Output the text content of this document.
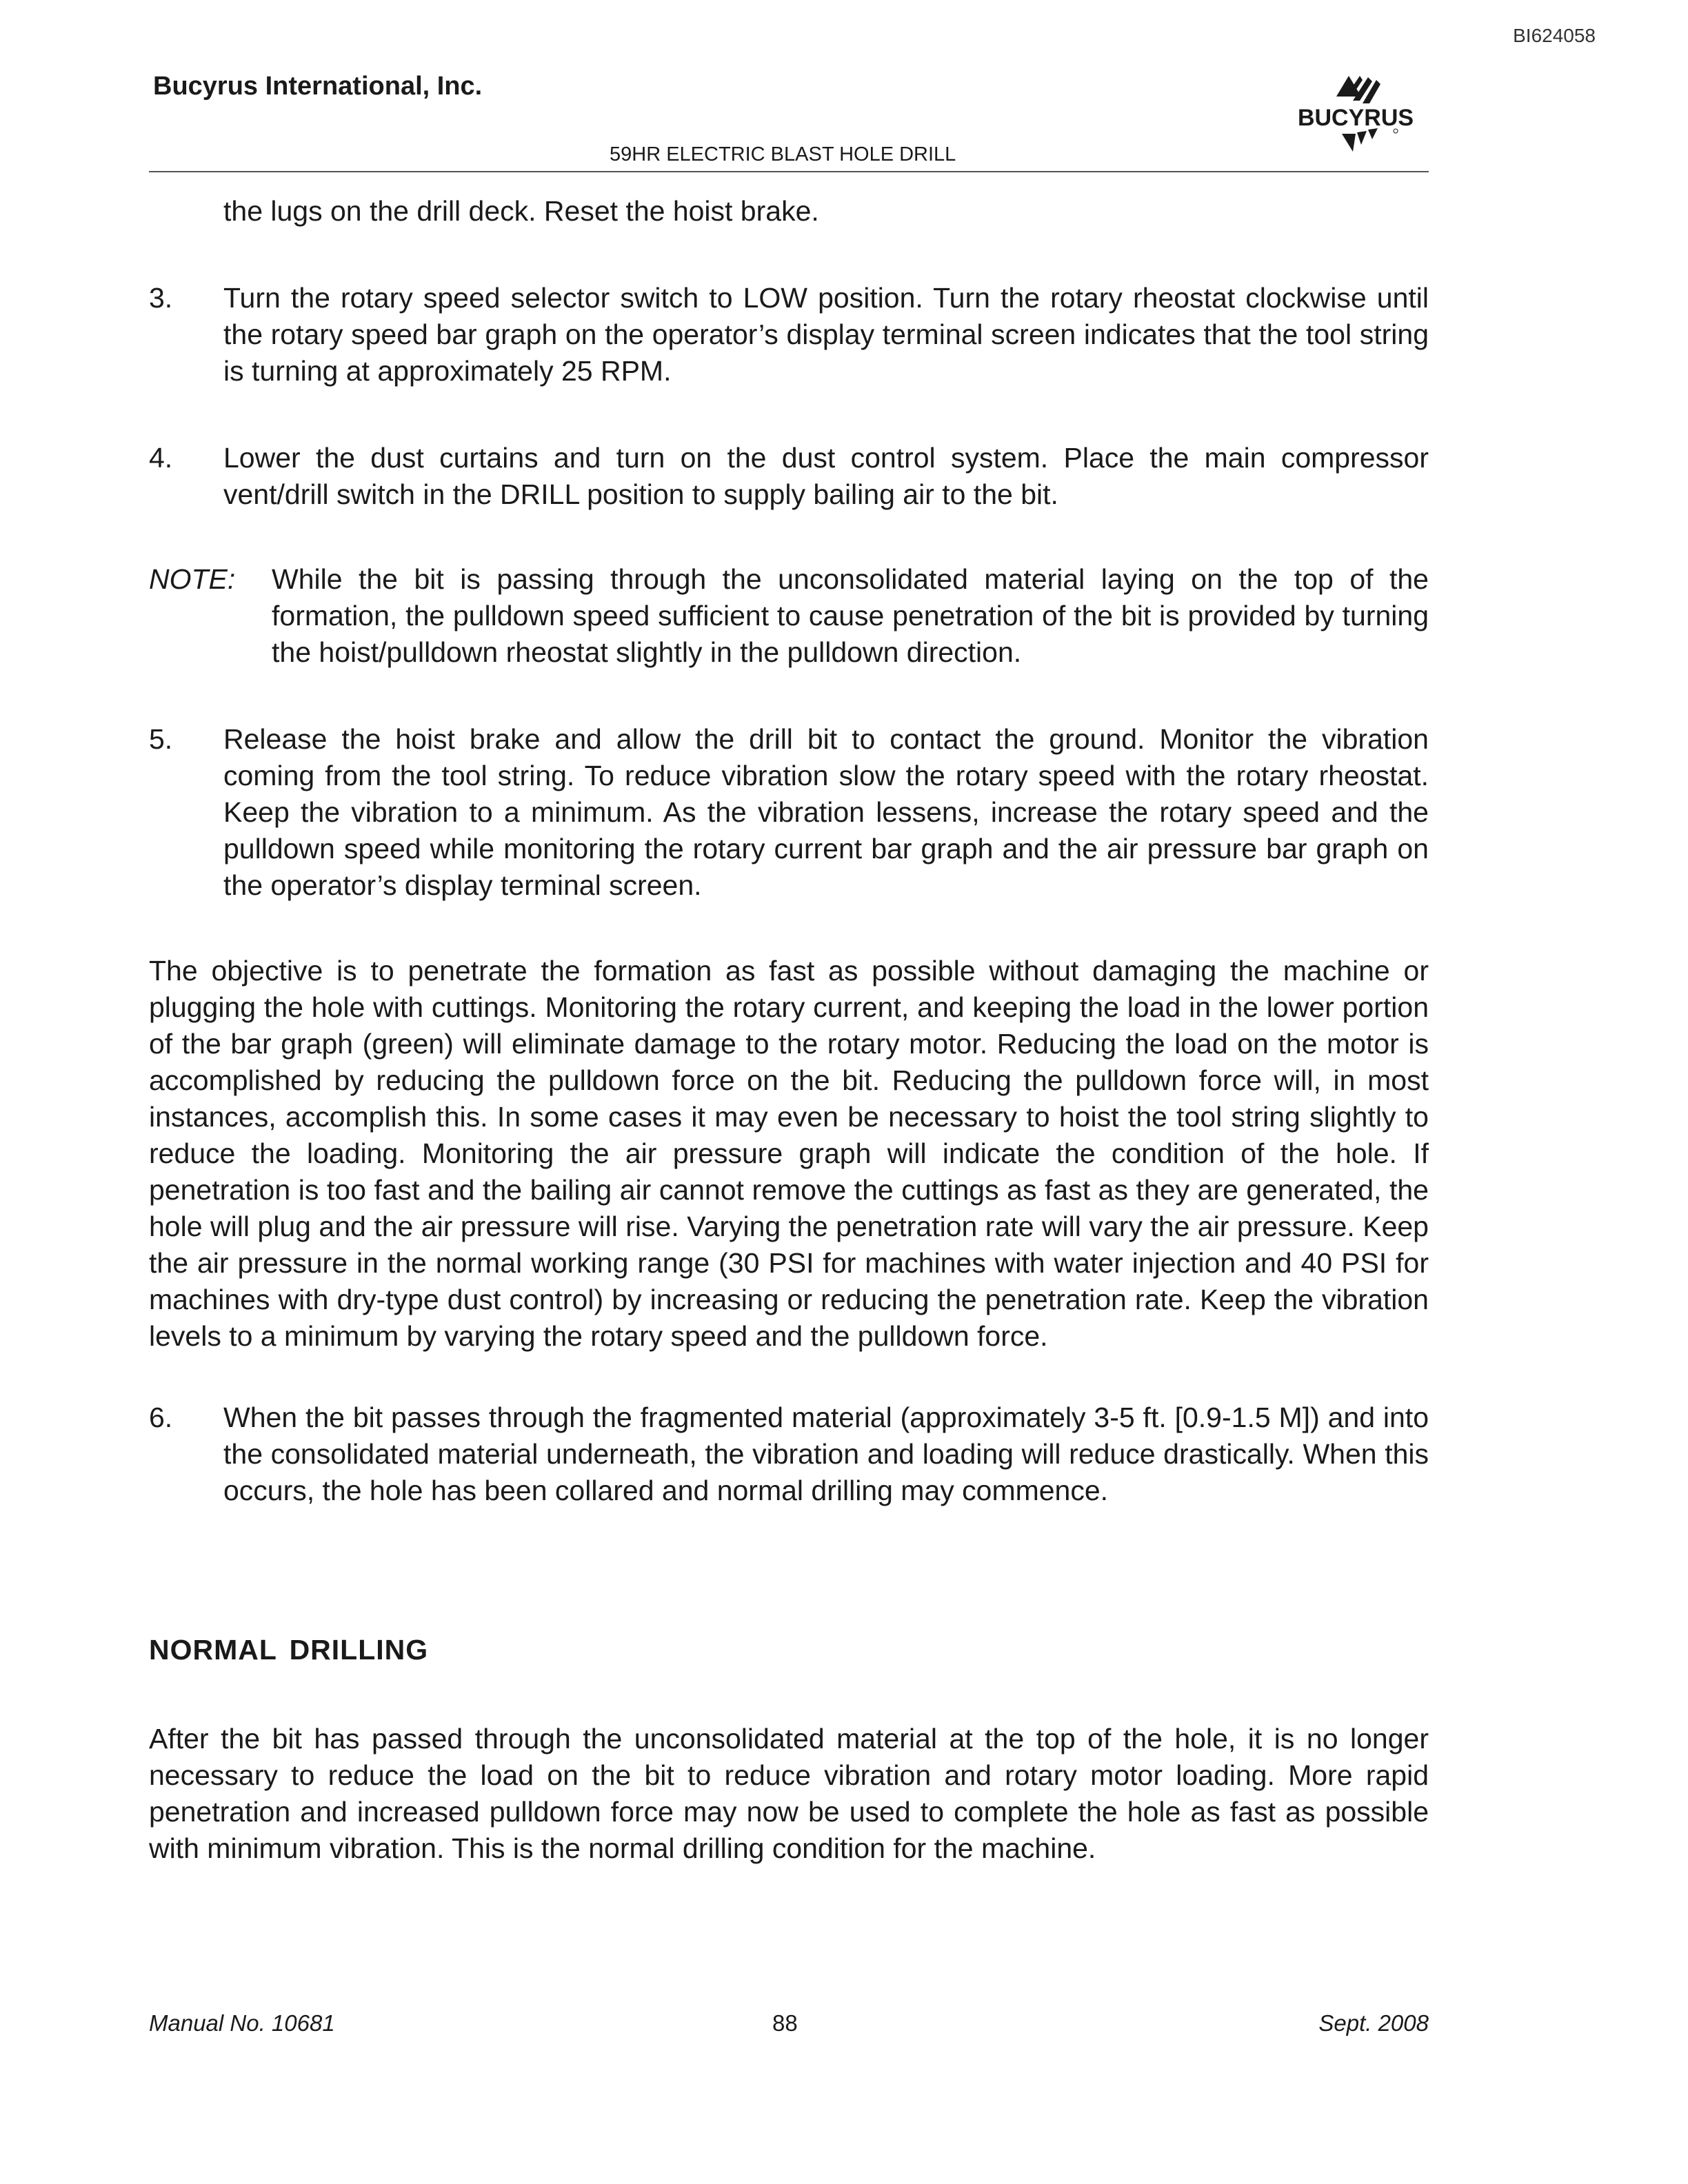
BI624058
Bucyrus International, Inc.
59HR ELECTRIC BLAST HOLE DRILL
BUCYRUS
the lugs on the drill deck. Reset the hoist brake.
3. Turn the rotary speed selector switch to LOW position. Turn the rotary rheostat clockwise until the rotary speed bar graph on the operator’s display terminal screen indicates that the tool string is turning at approximately 25 RPM.
4. Lower the dust curtains and turn on the dust control system. Place the main compressor vent/drill switch in the DRILL position to supply bailing air to the bit.
NOTE: While the bit is passing through the unconsolidated material laying on the top of the formation, the pulldown speed sufficient to cause penetration of the bit is provided by turning the hoist/pulldown rheostat slightly in the pulldown direction.
5. Release the hoist brake and allow the drill bit to contact the ground. Monitor the vibration coming from the tool string. To reduce vibration slow the rotary speed with the rotary rheostat. Keep the vibration to a minimum. As the vibration lessens, increase the rotary speed and the pulldown speed while monitoring the rotary current bar graph and the air pressure bar graph on the operator’s display terminal screen.
The objective is to penetrate the formation as fast as possible without damaging the machine or plugging the hole with cuttings. Monitoring the rotary current, and keeping the load in the lower portion of the bar graph (green) will eliminate damage to the rotary motor. Reducing the load on the motor is accomplished by reducing the pulldown force on the bit. Reducing the pulldown force will, in most instances, accomplish this. In some cases it may even be necessary to hoist the tool string slightly to reduce the loading. Monitoring the air pressure graph will indicate the condition of the hole. If penetration is too fast and the bailing air cannot remove the cuttings as fast as they are generated, the hole will plug and the air pressure will rise. Varying the penetration rate will vary the air pressure. Keep the air pressure in the normal working range (30 PSI for machines with water injection and 40 PSI for machines with dry-type dust control) by increasing or reducing the penetration rate. Keep the vibration levels to a minimum by varying the rotary speed and the pulldown force.
6. When the bit passes through the fragmented material (approximately 3-5 ft. [0.9-1.5 M]) and into the consolidated material underneath, the vibration and loading will reduce drastically. When this occurs, the hole has been collared and normal drilling may commence.
NORMAL DRILLING
After the bit has passed through the unconsolidated material at the top of the hole, it is no longer necessary to reduce the load on the bit to reduce vibration and rotary motor loading. More rapid penetration and increased pulldown force may now be used to complete the hole as fast as possible with minimum vibration. This is the normal drilling condition for the machine.
Manual No. 10681	88	Sept. 2008
